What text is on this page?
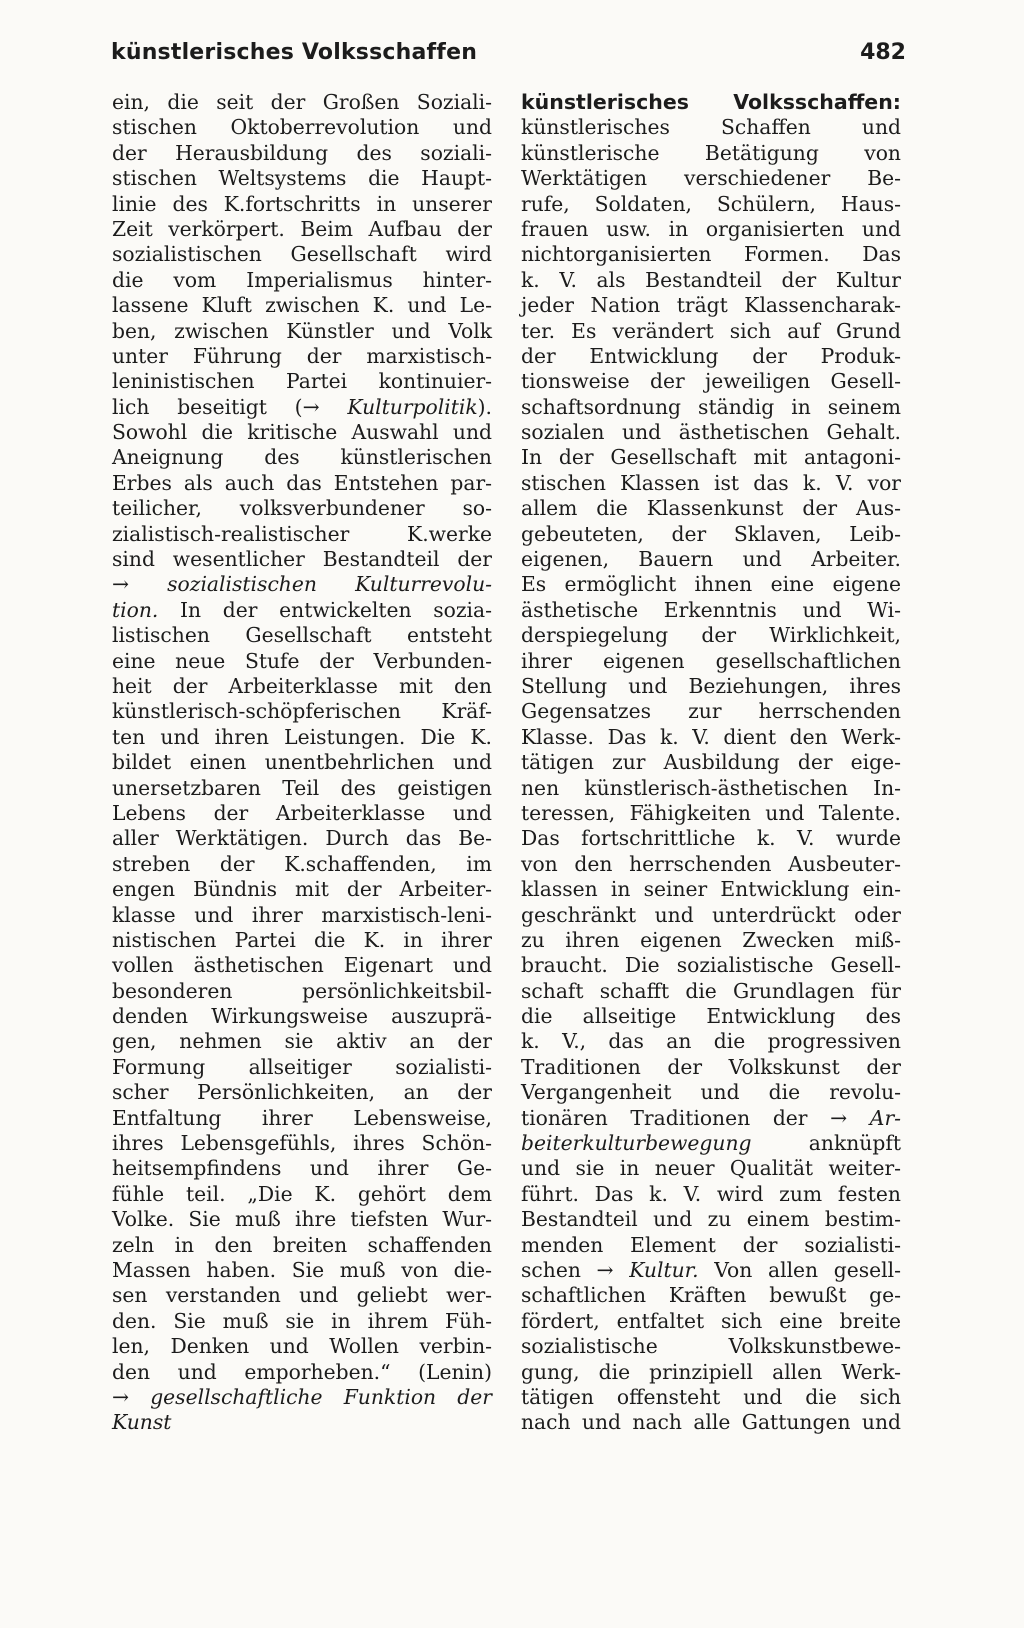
künstlerisches Volksschaffen	482
ein, die seit der Großen Soziali-
stischen Oktoberrevolution und
der Herausbildung des soziali-
stischen Weltsystems die Haupt-
linie des K.fortschritts in unserer
Zeit verkörpert. Beim Aufbau der
sozialistischen Gesellschaft wird
die vom Imperialismus hinter-
lassene Kluft zwischen K. und Le-
ben, zwischen Künstler und Volk
unter Führung der marxistisch-
leninistischen Partei kontinuier-
lich beseitigt (→ Kulturpolitik).
Sowohl die kritische Auswahl und
Aneignung des künstlerischen
Erbes als auch das Entstehen par-
teilicher, volksverbundener so-
zialistisch-realistischer K.werke
sind wesentlicher Bestandteil der
→ sozialistischen Kulturrevolu-
tion. In der entwickelten sozia-
listischen Gesellschaft entsteht
eine neue Stufe der Verbunden-
heit der Arbeiterklasse mit den
künstlerisch-schöpferischen Kräf-
ten und ihren Leistungen. Die K.
bildet einen unentbehrlichen und
unersetzbaren Teil des geistigen
Lebens der Arbeiterklasse und
aller Werktätigen. Durch das Be-
streben der K.schaffenden, im
engen Bündnis mit der Arbeiter-
klasse und ihrer marxistisch-leni-
nistischen Partei die K. in ihrer
vollen ästhetischen Eigenart und
besonderen persönlichkeitsbil-
denden Wirkungsweise auszuprä-
gen, nehmen sie aktiv an der
Formung allseitiger sozialisti-
scher Persönlichkeiten, an der
Entfaltung ihrer Lebensweise,
ihres Lebensgefühls, ihres Schön-
heitsempfindens und ihrer Ge-
fühle teil. „Die K. gehört dem
Volke. Sie muß ihre tiefsten Wur-
zeln in den breiten schaffenden
Massen haben. Sie muß von die-
sen verstanden und geliebt wer-
den. Sie muß sie in ihrem Füh-
len, Denken und Wollen verbin-
den und emporheben.“ (Lenin)
→ gesellschaftliche Funktion der
Kunst
künstlerisches Volksschaffen:
künstlerisches Schaffen und
künstlerische Betätigung von
Werktätigen verschiedener Be-
rufe, Soldaten, Schülern, Haus-
frauen usw. in organisierten und
nichtorganisierten Formen. Das
k. V. als Bestandteil der Kultur
jeder Nation trägt Klassencharak-
ter. Es verändert sich auf Grund
der Entwicklung der Produk-
tionsweise der jeweiligen Gesell-
schaftsordnung ständig in seinem
sozialen und ästhetischen Gehalt.
In der Gesellschaft mit antagoni-
stischen Klassen ist das k. V. vor
allem die Klassenkunst der Aus-
gebeuteten, der Sklaven, Leib-
eigenen, Bauern und Arbeiter.
Es ermöglicht ihnen eine eigene
ästhetische Erkenntnis und Wi-
derspiegelung der Wirklichkeit,
ihrer eigenen gesellschaftlichen
Stellung und Beziehungen, ihres
Gegensatzes zur herrschenden
Klasse. Das k. V. dient den Werk-
tätigen zur Ausbildung der eige-
nen künstlerisch-ästhetischen In-
teressen, Fähigkeiten und Talente.
Das fortschrittliche k. V. wurde
von den herrschenden Ausbeuter-
klassen in seiner Entwicklung ein-
geschränkt und unterdrückt oder
zu ihren eigenen Zwecken miß-
braucht. Die sozialistische Gesell-
schaft schafft die Grundlagen für
die allseitige Entwicklung des
k. V., das an die progressiven
Traditionen der Volkskunst der
Vergangenheit und die revolu-
tionären Traditionen der → Ar-
beiterkulturbewegung anknüpft
und sie in neuer Qualität weiter-
führt. Das k. V. wird zum festen
Bestandteil und zu einem bestim-
menden Element der sozialisti-
schen → Kultur. Von allen gesell-
schaftlichen Kräften bewußt ge-
fördert, entfaltet sich eine breite
sozialistische Volkskunstbewe-
gung, die prinzipiell allen Werk-
tätigen offensteht und die sich
nach und nach alle Gattungen und
